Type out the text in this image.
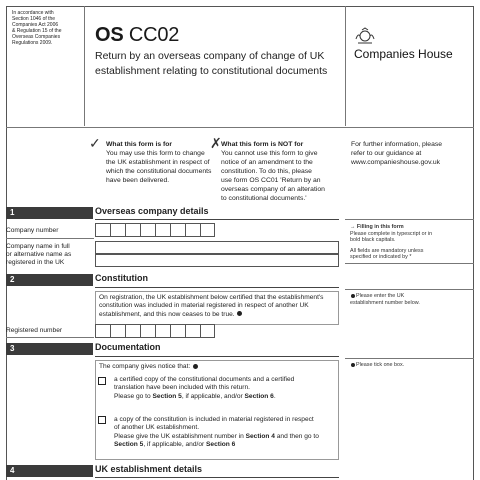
In accordance with
Section 1046 of the
Companies Act 2006
& Regulation 15 of the
Overseas Companies
Regulations 2009.	OS CC02
Return by an overseas company of change of UK
establishment relating to constitutional documents
Companies House
✓ What this form is for
You may use this form to change
the UK establishment in respect of
which the constitutional documents
have been delivered.
✗ What this form is NOT for
You cannot use this form to give
notice of an amendment to the
constitution. To do this, please
use form OS CC01 'Return by an
overseas company of an alteration
to constitutional documents.'
For further information, please
refer to our guidance at
www.companieshouse.gov.uk
1	Overseas company details
Company number
Company name in full
or alternative name as
registered in the UK
→ Filling in this form
Please complete in typescript or in
bold black capitals.
All fields are mandatory unless
specified or indicated by *
2	Constitution
On registration, the UK establishment below certified that the establishment's
constitution was included in material registered in respect of another UK
establishment, and this now ceases to be true.
Registered number
Please enter the UK
establishment number below.
3	Documentation
The company gives notice that:
a certified copy of the constitutional documents and a certified
translation have been included with this return.
Please go to Section 5, if applicable, and/or Section 6.
a copy of the constitution is included in material registered in respect
of another UK establishment.
Please give the UK establishment number in Section 4 and then go to
Section 5, if applicable, and/or Section 6
Please tick one box.
4	UK establishment details
